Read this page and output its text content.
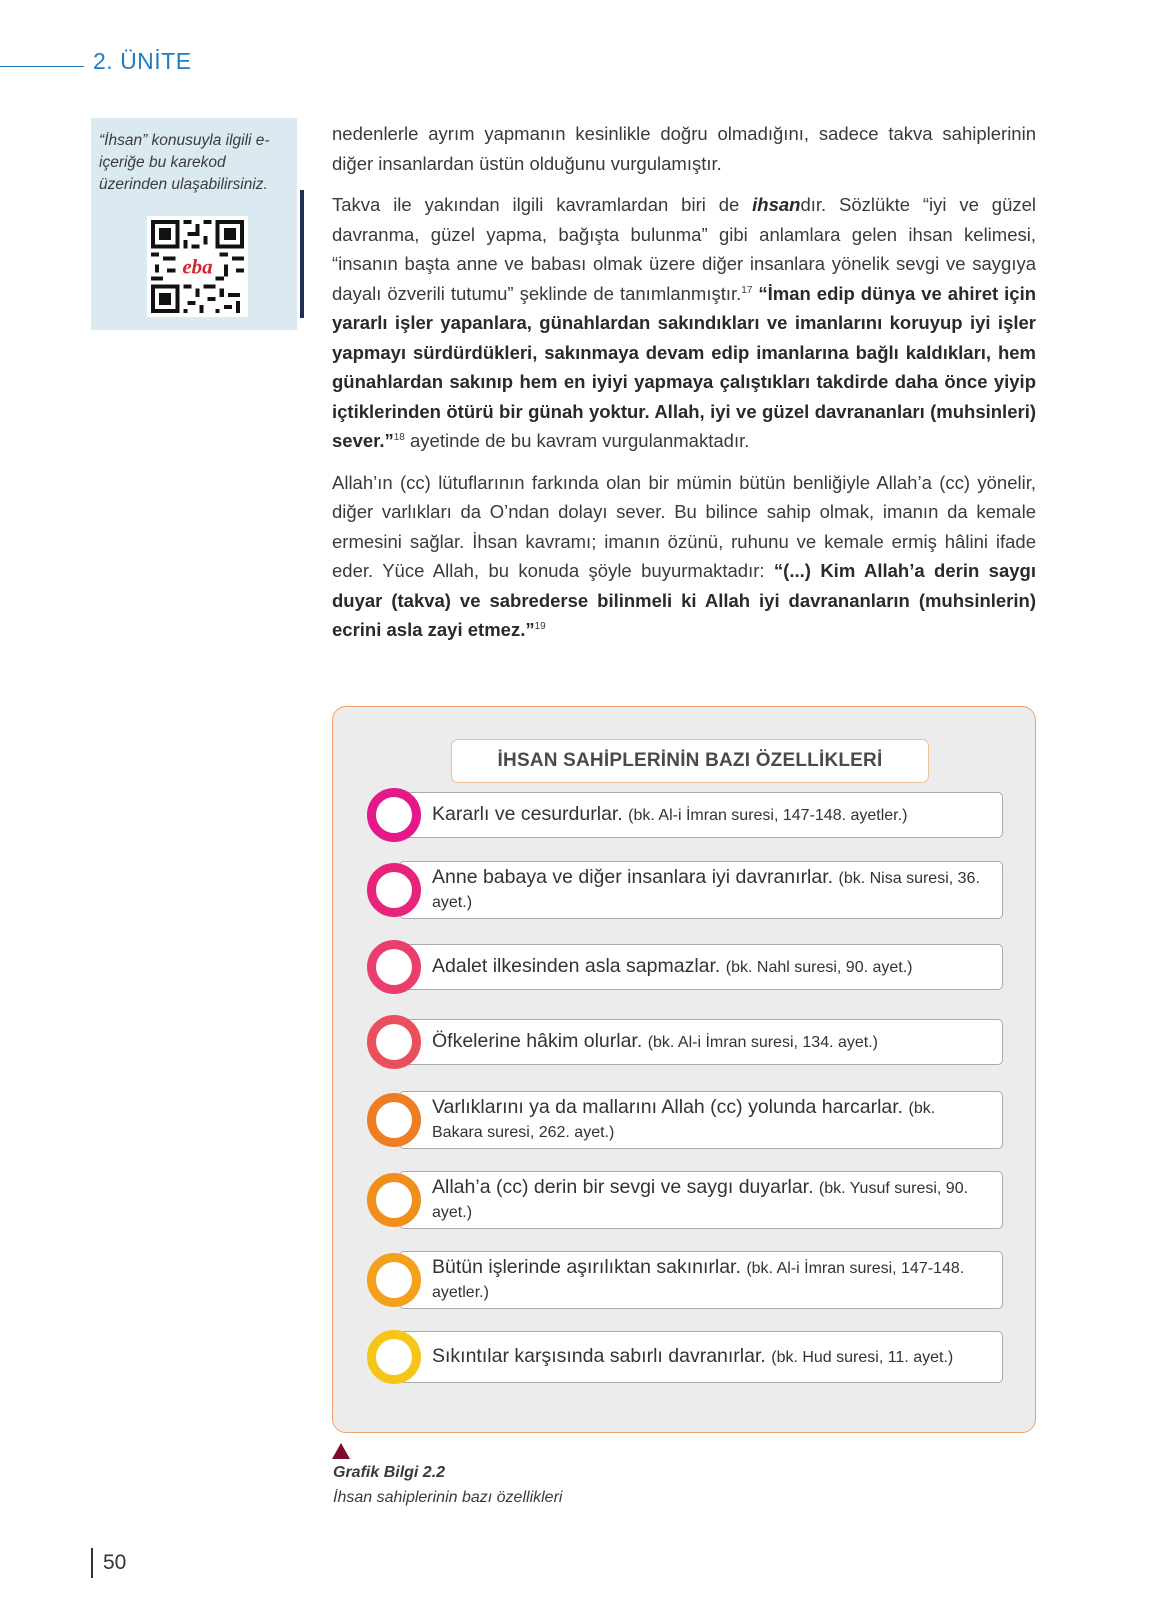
2. ÜNİTE
“İhsan” konusuyla ilgili e-içeriğe bu karekod üzerinden ulaşabilirsiniz.
eba

nedenlerle ayrım yapmanın kesinlikle doğru olmadığını, sadece takva sahiplerinin diğer insanlardan üstün olduğunu vurgulamıştır.

Takva ile yakından ilgili kavramlardan biri de ihsandır. Sözlükte “iyi ve güzel davranma, güzel yapma, bağışta bulunma” gibi anlamlara gelen ihsan kelimesi, “insanın başta anne ve babası olmak üzere diğer insanlara yönelik sevgi ve saygıya dayalı özverili tutumu” şeklinde de tanımlanmıştır.$^{17}$ “İman edip dünya ve ahiret için yararlı işler yapanlara, günahlardan sakındıkları ve imanlarını koruyup iyi işler yapmayı sürdürdükleri, sakınmaya devam edip imanlarına bağlı kaldıkları, hem günahlardan sakınıp hem en iyiyi yapmaya çalıştıkları takdirde daha önce yiyip içtiklerinden ötürü bir günah yoktur. Allah, iyi ve güzel davrananları (muhsinleri) sever.”$^{18}$ ayetinde de bu kavram vurgulanmaktadır.

Allah’ın (cc) lütuflarının farkında olan bir mümin bütün benliğiyle Allah’a (cc) yönelir, diğer varlıkları da O’ndan dolayı sever. Bu bilince sahip olmak, imanın da kemale ermesini sağlar. İhsan kavramı; imanın özünü, ruhunu ve kemale ermiş hâlini ifade eder. Yüce Allah, bu konuda şöyle buyurmaktadır: “(...) Kim Allah’a derin saygı duyar (takva) ve sabrederse bilinmeli ki Allah iyi davrananların (muhsinlerin) ecrini asla zayi etmez.”$^{19}$

İHSAN SAHİPLERİNİN BAZI ÖZELLİKLERİ
Kararlı ve cesurdurlar. (bk. Al-i İmran suresi, 147-148. ayetler.)
Anne babaya ve diğer insanlara iyi davranırlar. (bk. Nisa suresi, 36. ayet.)
Adalet ilkesinden asla sapmazlar. (bk. Nahl suresi, 90. ayet.)
Öfkelerine hâkim olurlar. (bk. Al-i İmran suresi, 134. ayet.)
Varlıklarını ya da mallarını Allah (cc) yolunda harcarlar. (bk. Bakara suresi, 262. ayet.)
Allah’a (cc) derin bir sevgi ve saygı duyarlar. (bk. Yusuf suresi, 90. ayet.)
Bütün işlerinde aşırılıktan sakınırlar. (bk. Al-i İmran suresi, 147-148. ayetler.)
Sıkıntılar karşısında sabırlı davranırlar. (bk. Hud suresi, 11. ayet.)
Grafik Bilgi 2.2
İhsan sahiplerinin bazı özellikleri
50
